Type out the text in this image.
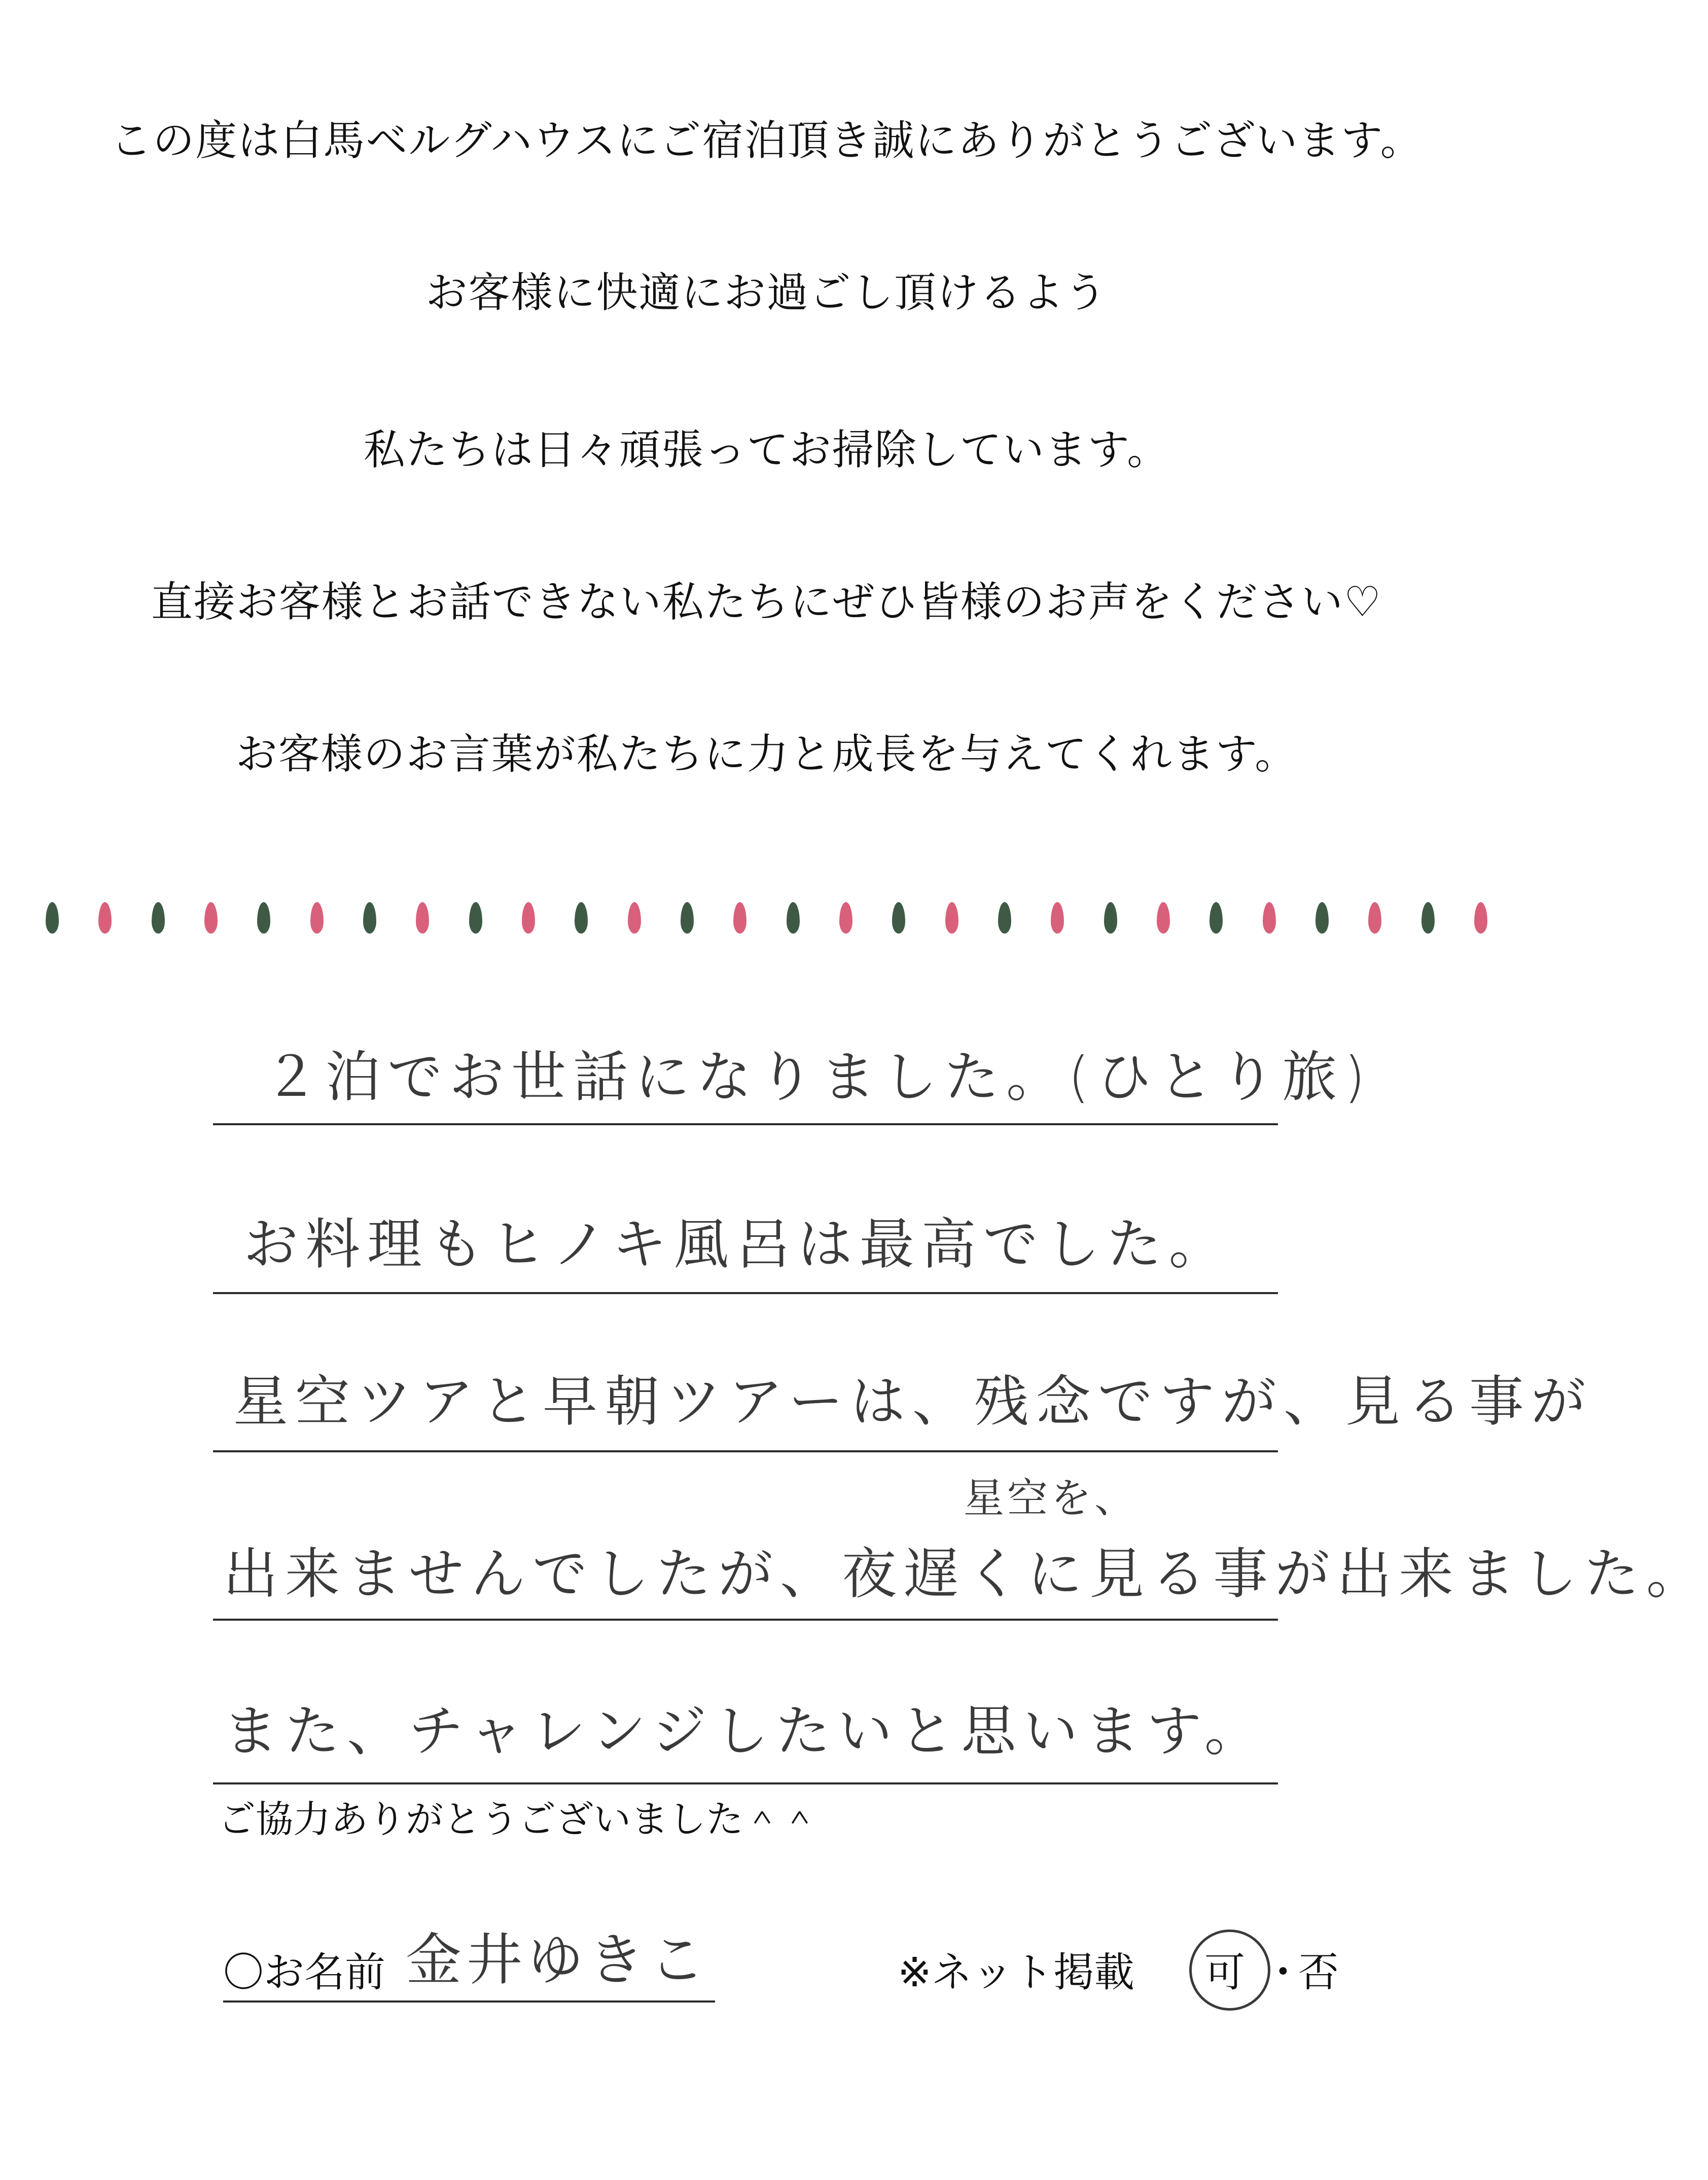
この度は白馬ベルグハウスにご宿泊頂き誠にありがとうございます。
お客様に快適にお過ごし頂けるよう
私たちは日々頑張ってお掃除しています。
直接お客様とお話できない私たちにぜひ皆様のお声をください♡
お客様のお言葉が私たちに力と成長を与えてくれます。
２泊でお世話になりました。(ひとり旅)
お料理もヒノキ風呂は最高でした。
星空ツアと早朝ツアーは、残念ですが、見る事が
星空を、
出来ませんでしたが、夜遅くに見る事が出来ました。
また、チャレンジしたいと思います。
ご協力ありがとうございました＾＾
〇お名前 金井ゆきこ	※ネット掲載 可 ・
否
